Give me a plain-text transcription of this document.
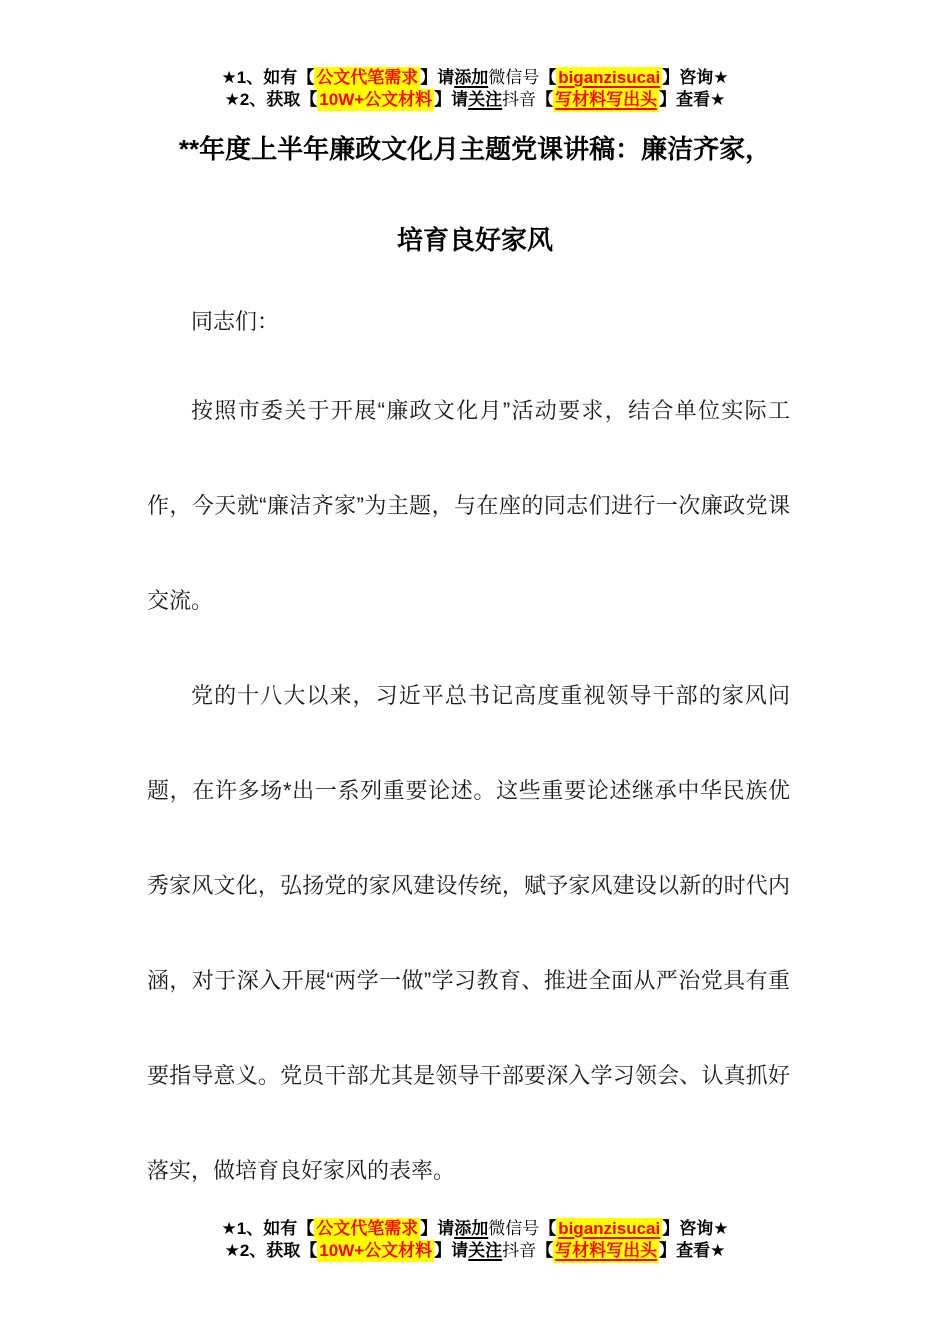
★1、如有【 公文代笔需求 】请添加微信号【 biganzisucai 】咨询★
★2、获取【 10W+公文材料 】请关注抖音【 写材料写出头 】查看★
**年度上半年廉政文化月主题党课讲稿：廉洁齐家，
培育良好家风

同志们：

按照市委关于开展“廉政文化月”活动要求，结合单位实际工作，今天就“廉洁齐家”为主题，与在座的同志们进行一次廉政党课交流。

党的十八大以来，习近平总书记高度重视领导干部的家风问题，在许多场*出一系列重要论述。这些重要论述继承中华民族优秀家风文化，弘扬党的家风建设传统，赋予家风建设以新的时代内涵，对于深入开展“两学一做”学习教育、推进全面从严治党具有重要指导意义。党员干部尤其是领导干部要深入学习领会、认真抓好落实，做培育良好家风的表率。

★1、如有【 公文代笔需求 】请添加微信号【 biganzisucai 】咨询★
★2、获取【 10W+公文材料 】请关注抖音【 写材料写出头 】查看★
